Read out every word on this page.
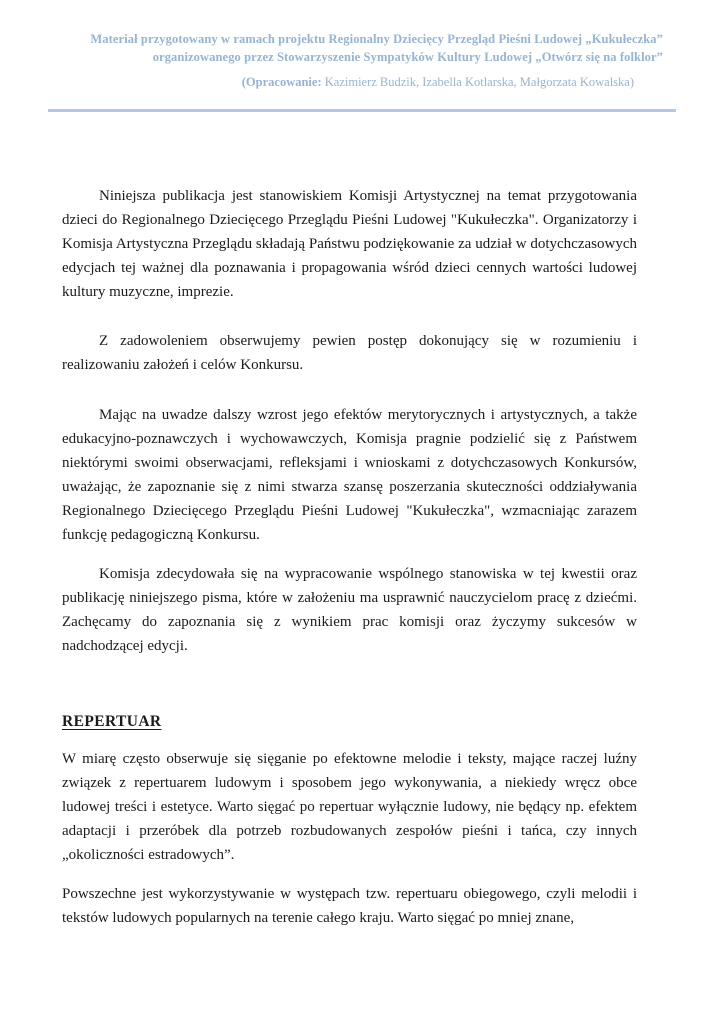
Materiał przygotowany w ramach projektu Regionalny Dziecięcy Przegląd Pieśni Ludowej „Kukułeczka”

organizowanego przez Stowarzyszenie Sympatyków Kultury Ludowej „Otwórz się na folklor”

(Opracowanie: Kazimierz Budzik, Izabella Kotlarska, Małgorzata Kowalska)

Niniejsza publikacja jest stanowiskiem Komisji Artystycznej na temat przygotowania dzieci do Regionalnego Dziecięcego Przeglądu Pieśni Ludowej "Kukułeczka". Organizatorzy i Komisja Artystyczna Przeglądu składają Państwu podziękowanie za udział w dotychczasowych edycjach tej ważnej dla poznawania i propagowania wśród dzieci cennych wartości ludowej kultury muzyczne, imprezie.

Z zadowoleniem obserwujemy pewien postęp dokonujący się w rozumieniu i realizowaniu założeń i celów Konkursu.

Mając na uwadze dalszy wzrost jego efektów merytorycznych i artystycznych, a także edukacyjno-poznawczych i wychowawczych, Komisja pragnie podzielić się z Państwem niektórymi swoimi obserwacjami, refleksjami i wnioskami z dotychczasowych Konkursów, uważając, że zapoznanie się z nimi stwarza szansę poszerzania skuteczności oddziaływania Regionalnego Dziecięcego Przeglądu Pieśni Ludowej "Kukułeczka", wzmacniając zarazem funkcję pedagogiczną Konkursu.

Komisja zdecydowała się na wypracowanie wspólnego stanowiska w tej kwestii oraz publikację niniejszego pisma, które w założeniu ma usprawnić nauczycielom pracę z dziećmi. Zachęcamy do zapoznania się z wynikiem prac komisji oraz życzymy sukcesów w nadchodzącej edycji.

REPERTUAR

W miarę często obserwuje się sięganie po efektowne melodie i teksty, mające raczej luźny związek z repertuarem ludowym i sposobem jego wykonywania, a niekiedy wręcz obce ludowej treści i estetyce. Warto sięgać po repertuar wyłącznie ludowy, nie będący np. efektem adaptacji i przeróbek dla potrzeb rozbudowanych zespołów pieśni i tańca, czy innych „okoliczności estradowych”.

Powszechne jest wykorzystywanie w występach tzw. repertuaru obiegowego, czyli melodii i tekstów ludowych popularnych na terenie całego kraju. Warto sięgać po mniej znane,
